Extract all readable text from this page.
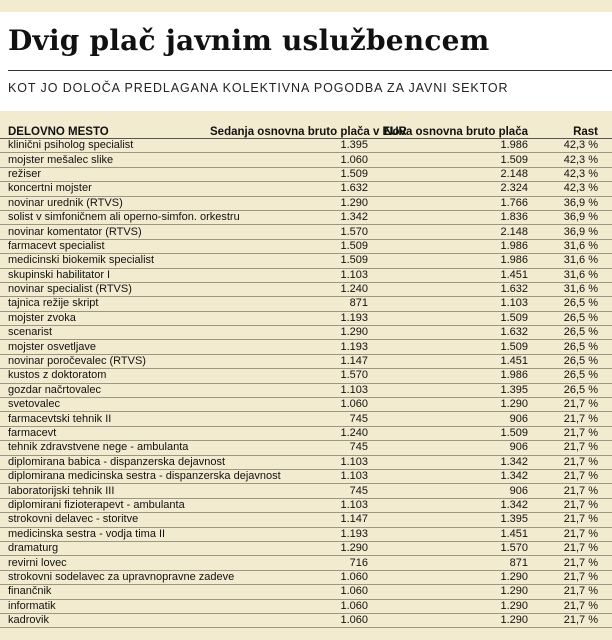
Dvig plač javnim uslužbencem
KOT JO DOLOČA PREDLAGANA KOLEKTIVNA POGODBA ZA JAVNI SEKTOR
DELOVNO MESTO	Sedanja osnovna bruto plača v EUR	Nova osnovna bruto plača	Rast
klinični psiholog specialist	1.395	1.986	42,3 %
mojster mešalec slike	1.060	1.509	42,3 %
režiser	1.509	2.148	42,3 %
koncertni mojster	1.632	2.324	42,3 %
novinar urednik (RTVS)	1.290	1.766	36,9 %
solist v simfoničnem ali operno-simfon. orkestru	1.342	1.836	36,9 %
novinar komentator (RTVS)	1.570	2.148	36,9 %
farmacevt specialist	1.509	1.986	31,6 %
medicinski biokemik specialist	1.509	1.986	31,6 %
skupinski habilitator I	1.103	1.451	31,6 %
novinar specialist (RTVS)	1.240	1.632	31,6 %
tajnica režije skript	871	1.103	26,5 %
mojster zvoka	1.193	1.509	26,5 %
scenarist	1.290	1.632	26,5 %
mojster osvetljave	1.193	1.509	26,5 %
novinar poročevalec (RTVS)	1.147	1.451	26,5 %
kustos z doktoratom	1.570	1.986	26,5 %
gozdar načrtovalec	1.103	1.395	26,5 %
svetovalec	1.060	1.290	21,7 %
farmacevtski tehnik II	745	906	21,7 %
farmacevt	1.240	1.509	21,7 %
tehnik zdravstvene nege - ambulanta	745	906	21,7 %
diplomirana babica - dispanzerska dejavnost	1.103	1.342	21,7 %
diplomirana medicinska sestra - dispanzerska dejavnost	1.103	1.342	21,7 %
laboratorijski tehnik III	745	906	21,7 %
diplomirani fizioterapevt - ambulanta	1.103	1.342	21,7 %
strokovni delavec - storitve	1.147	1.395	21,7 %
medicinska sestra - vodja tima II	1.193	1.451	21,7 %
dramaturg	1.290	1.570	21,7 %
revirni lovec	716	871	21,7 %
strokovni sodelavec za upravnopravne zadeve	1.060	1.290	21,7 %
finančnik	1.060	1.290	21,7 %
informatik	1.060	1.290	21,7 %
kadrovik	1.060	1.290	21,7 %
